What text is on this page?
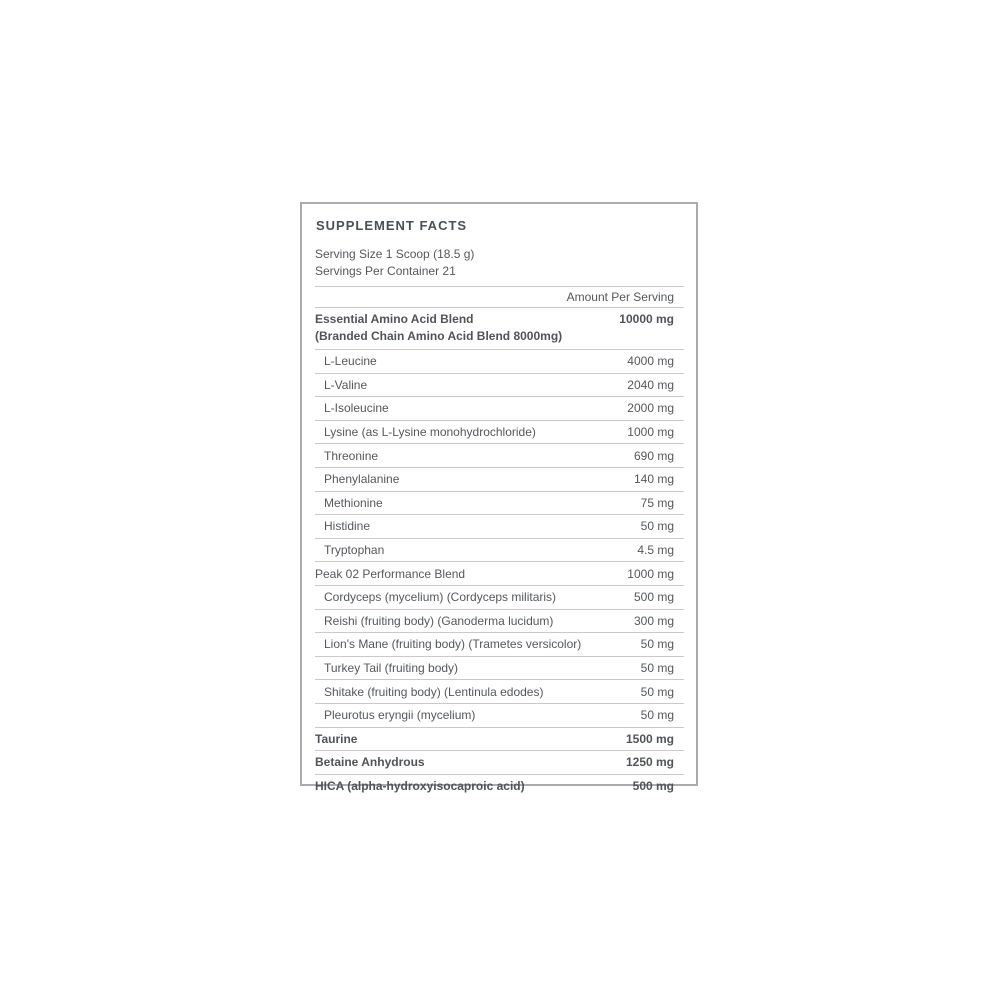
SUPPLEMENT FACTS
Serving Size 1 Scoop (18.5 g)
Servings Per Container 21
Amount Per Serving
Essential Amino Acid Blend
(Branded Chain Amino Acid Blend 8000mg)
10000 mg
L-Leucine	4000 mg
L-Valine	2040 mg
L-Isoleucine	2000 mg
Lysine (as L-Lysine monohydrochloride)	1000 mg
Threonine	690 mg
Phenylalanine	140 mg
Methionine	75 mg
Histidine	50 mg
Tryptophan	4.5 mg
Peak 02 Performance Blend	1000 mg
Cordyceps (mycelium) (Cordyceps militaris)	500 mg
Reishi (fruiting body) (Ganoderma lucidum)	300 mg
Lion's Mane (fruiting body) (Trametes versicolor)	50 mg
Turkey Tail (fruiting body)	50 mg
Shitake (fruiting body) (Lentinula edodes)	50 mg
Pleurotus eryngii (mycelium)	50 mg
Taurine	1500 mg
Betaine Anhydrous	1250 mg
HICA (alpha-hydroxyisocaproic acid)	500 mg
